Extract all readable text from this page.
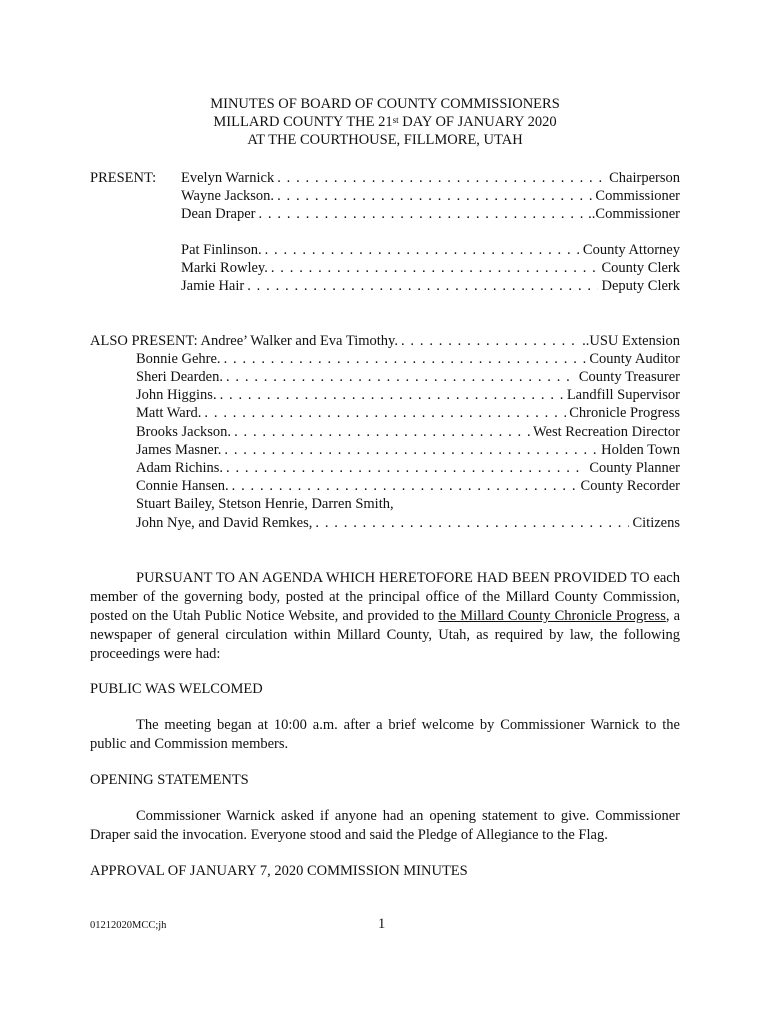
MINUTES OF BOARD OF COUNTY COMMISSIONERS
MILLARD COUNTY THE 21st DAY OF JANUARY 2020
AT THE COURTHOUSE, FILLMORE, UTAH
PRESENT: Evelyn Warnick . . .	Chairperson
Wayne Jackson. . . .	Commissioner
Dean Draper . . .	..Commissioner
Pat Finlinson. . . .	County Attorney
Marki Rowley. . . .	County Clerk
Jamie Hair . . .	Deputy Clerk
ALSO PRESENT: Andree’ Walker and Eva Timothy. . . .	..USU Extension
Bonnie Gehre. . . .	County Auditor
Sheri Dearden. . . .	County Treasurer
John Higgins. . . .	Landfill Supervisor
Matt Ward. . . .	Chronicle Progress
Brooks Jackson. . . .	West Recreation Director
James Masner. . . .	Holden Town
Adam Richins. . . .	County Planner
Connie Hansen. . . .	County Recorder
Stuart Bailey, Stetson Henrie, Darren Smith,
John Nye, and David Remkes, . . .	Citizens
PURSUANT TO AN AGENDA WHICH HERETOFORE HAD BEEN PROVIDED TO each member of the governing body, posted at the principal office of the Millard County Commission, posted on the Utah Public Notice Website, and provided to the Millard County Chronicle Progress, a newspaper of general circulation within Millard County, Utah, as required by law, the following proceedings were had:
PUBLIC WAS WELCOMED
The meeting began at 10:00 a.m. after a brief welcome by Commissioner Warnick to the public and Commission members.
OPENING STATEMENTS
Commissioner Warnick asked if anyone had an opening statement to give. Commissioner Draper said the invocation. Everyone stood and said the Pledge of Allegiance to the Flag.
APPROVAL OF JANUARY 7, 2020 COMMISSION MINUTES
01212020MCC;jh	1
